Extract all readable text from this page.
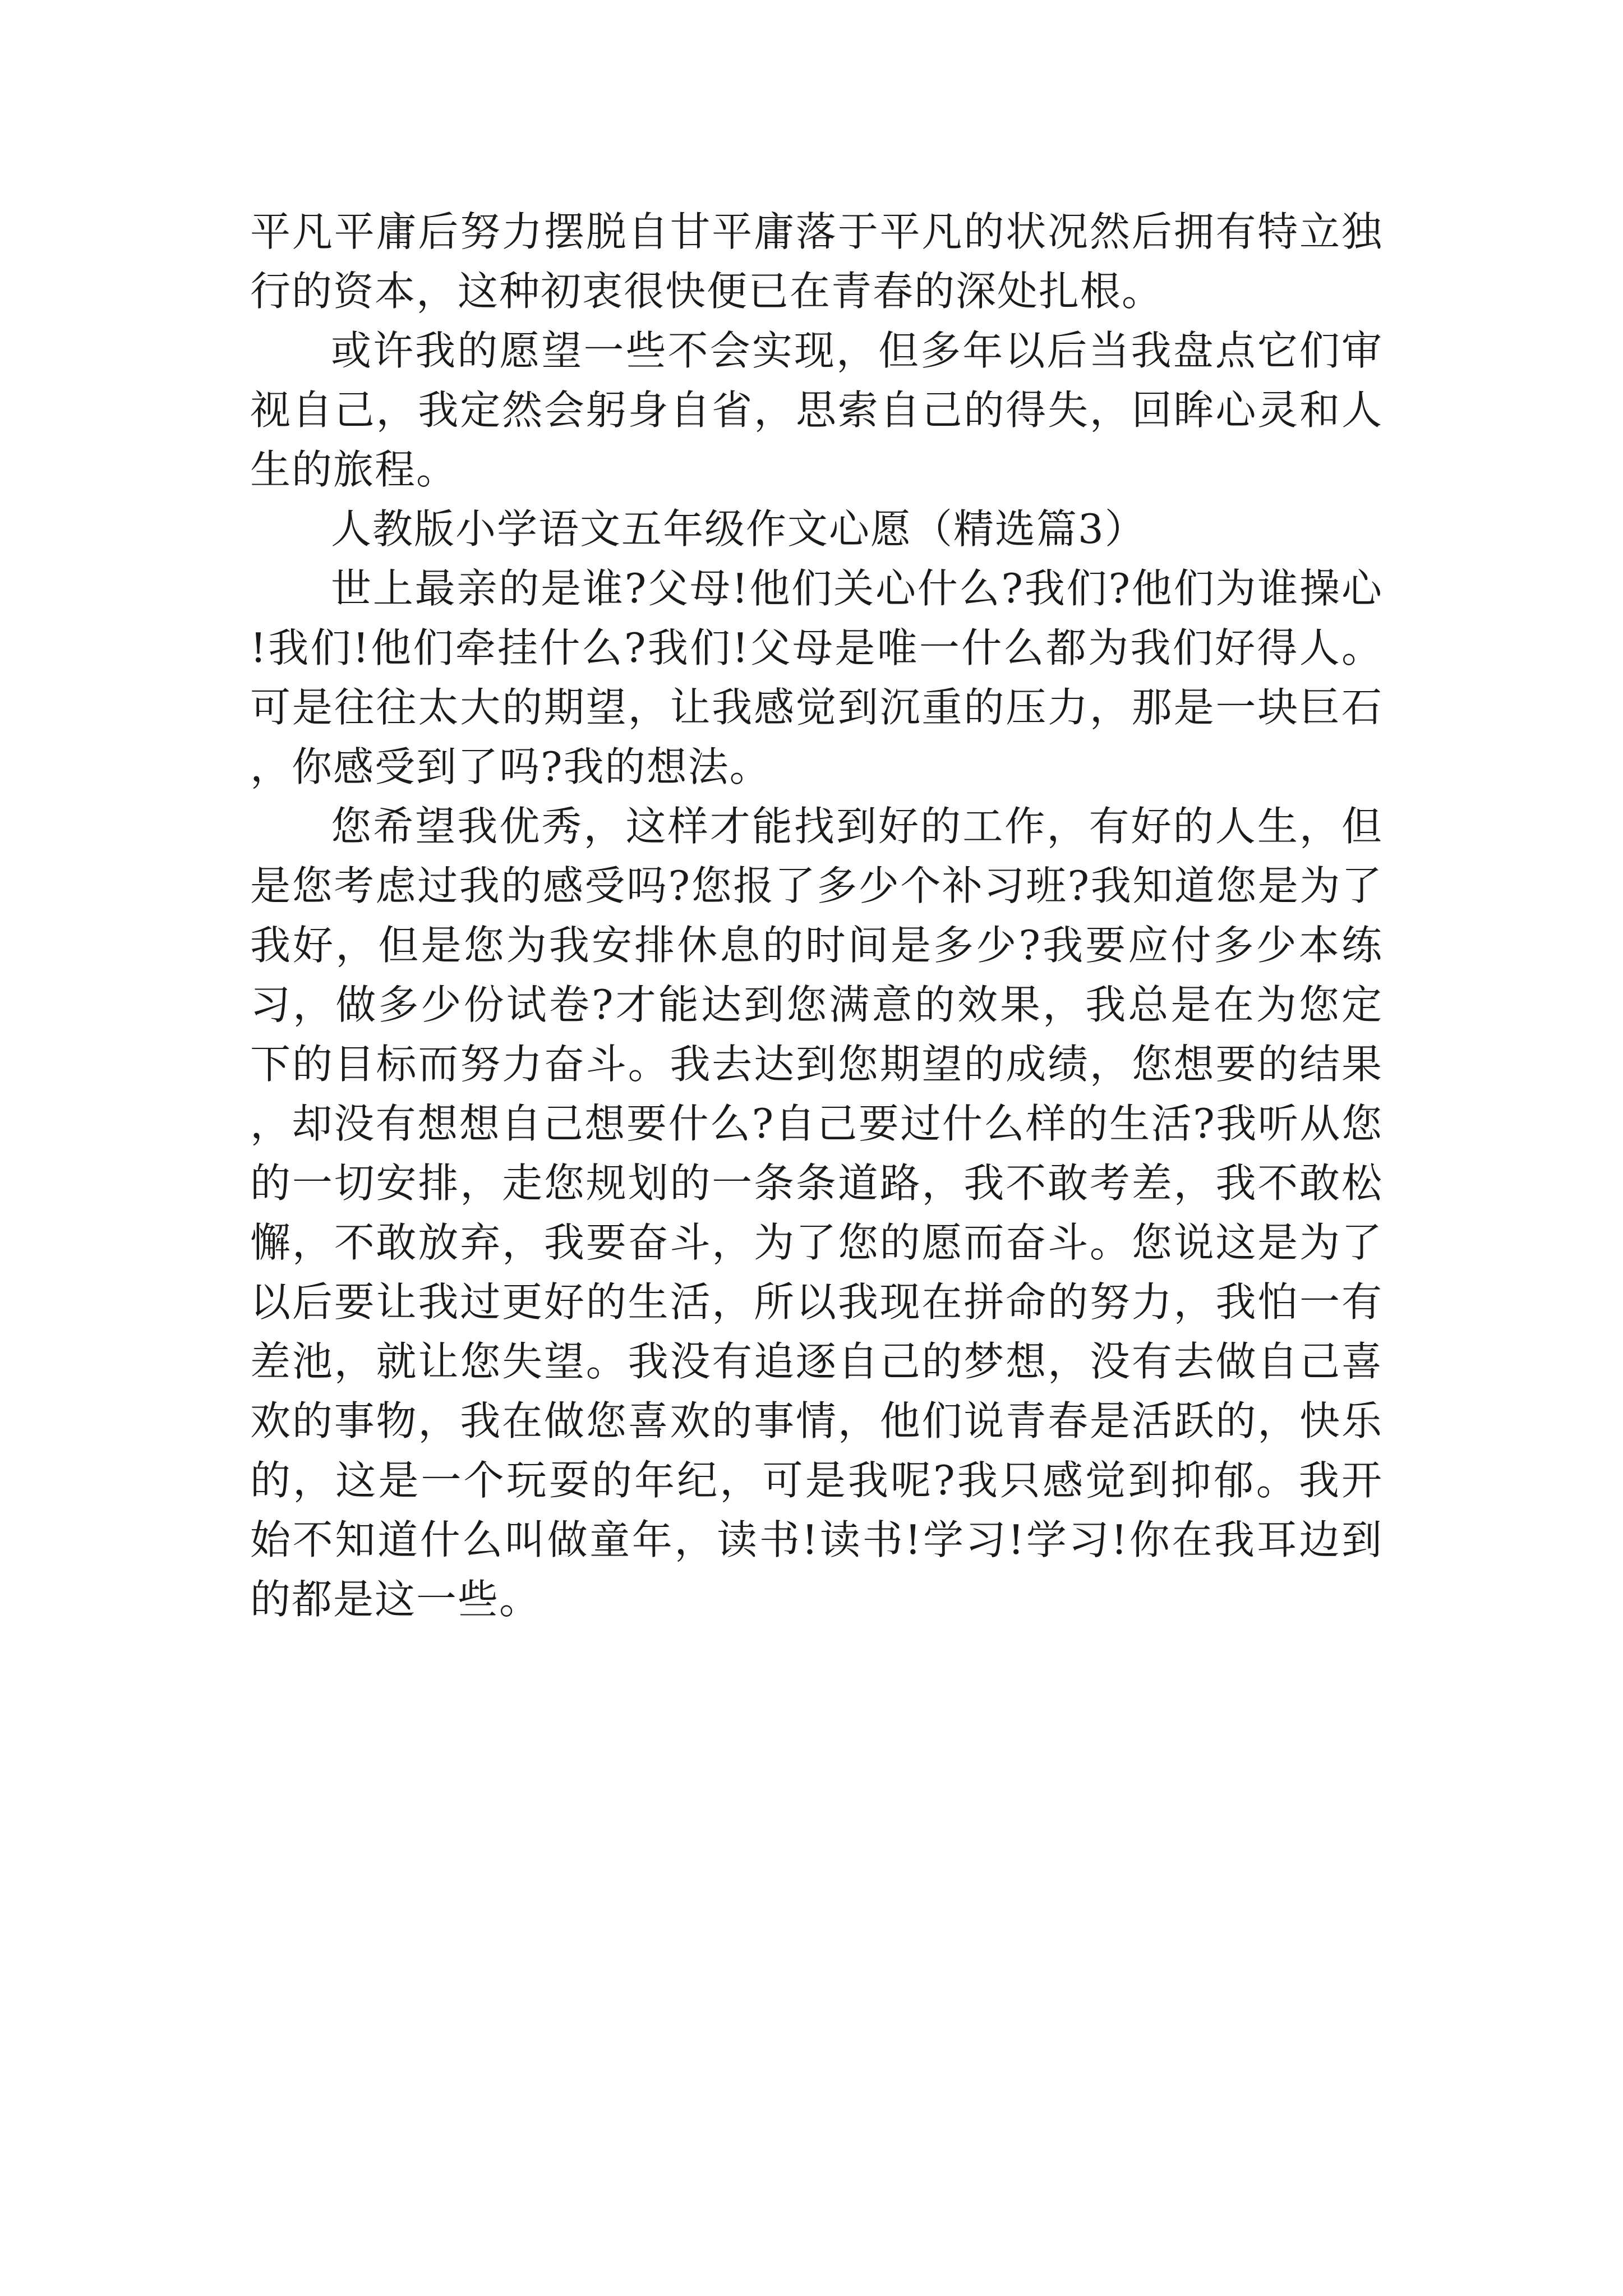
平凡平庸后努力摆脱自甘平庸落于平凡的状况然后拥有特立独行的资本，这种初衷很快便已在青春的深处扎根。

或许我的愿望一些不会实现，但多年以后当我盘点它们审视自己，我定然会躬身自省，思索自己的得失，回眸心灵和人生的旅程。

人教版小学语文五年级作文心愿（精选篇3）

世上最亲的是谁?父母!他们关心什么?我们?他们为谁操心!我们!他们牵挂什么?我们!父母是唯一什么都为我们好得人。可是往往太大的期望，让我感觉到沉重的压力，那是一块巨石，你感受到了吗?我的想法。

您希望我优秀，这样才能找到好的工作，有好的人生，但是您考虑过我的感受吗?您报了多少个补习班?我知道您是为了我好，但是您为我安排休息的时间是多少?我要应付多少本练习，做多少份试卷?才能达到您满意的效果，我总是在为您定下的目标而努力奋斗。我去达到您期望的成绩，您想要的结果，却没有想想自己想要什么?自己要过什么样的生活?我听从您的一切安排，走您规划的一条条道路，我不敢考差，我不敢松懈，不敢放弃，我要奋斗，为了您的愿而奋斗。您说这是为了以后要让我过更好的生活，所以我现在拼命的努力，我怕一有差池，就让您失望。我没有追逐自己的梦想，没有去做自己喜欢的事物，我在做您喜欢的事情，他们说青春是活跃的，快乐的，这是一个玩耍的年纪，可是我呢?我只感觉到抑郁。我开始不知道什么叫做童年，读书!读书!学习!学习!你在我耳边到的都是这一些。
